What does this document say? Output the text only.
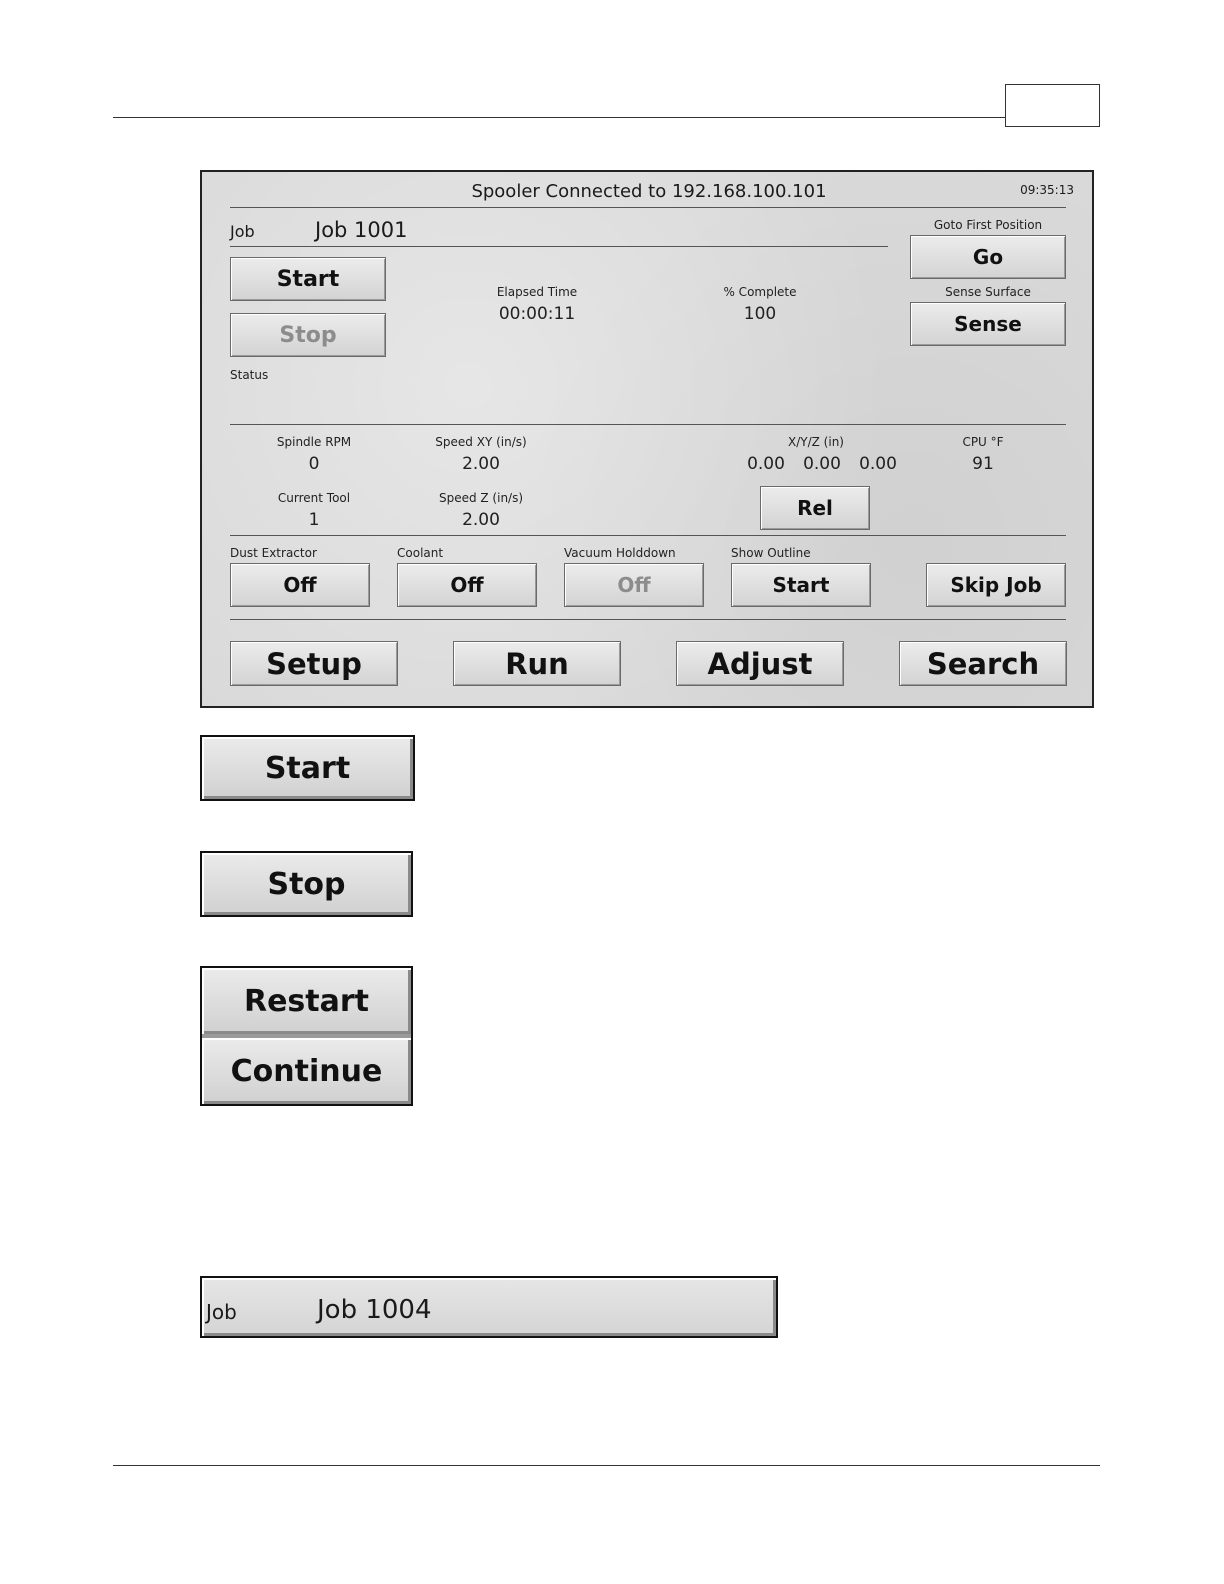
Spooler Connected to 192.168.100.101	09:35:13
Job	Job 1001
Start
Stop
Status
Elapsed Time
00:00:11
% Complete
100
Goto First Position
Go
Sense Surface
Sense
Spindle RPM
0
Speed XY (in/s)
2.00
X/Y/Z (in)
0.00 0.00 0.00
CPU °F
91
Current Tool
1
Speed Z (in/s)
2.00	Rel
Dust Extractor
Off
Coolant
Off
Vacuum Holddown
Off
Show Outline
Start	Skip Job
Setup	Run	Adjust	Search
Start
Stop
Restart
Continue
Job	Job 1004
